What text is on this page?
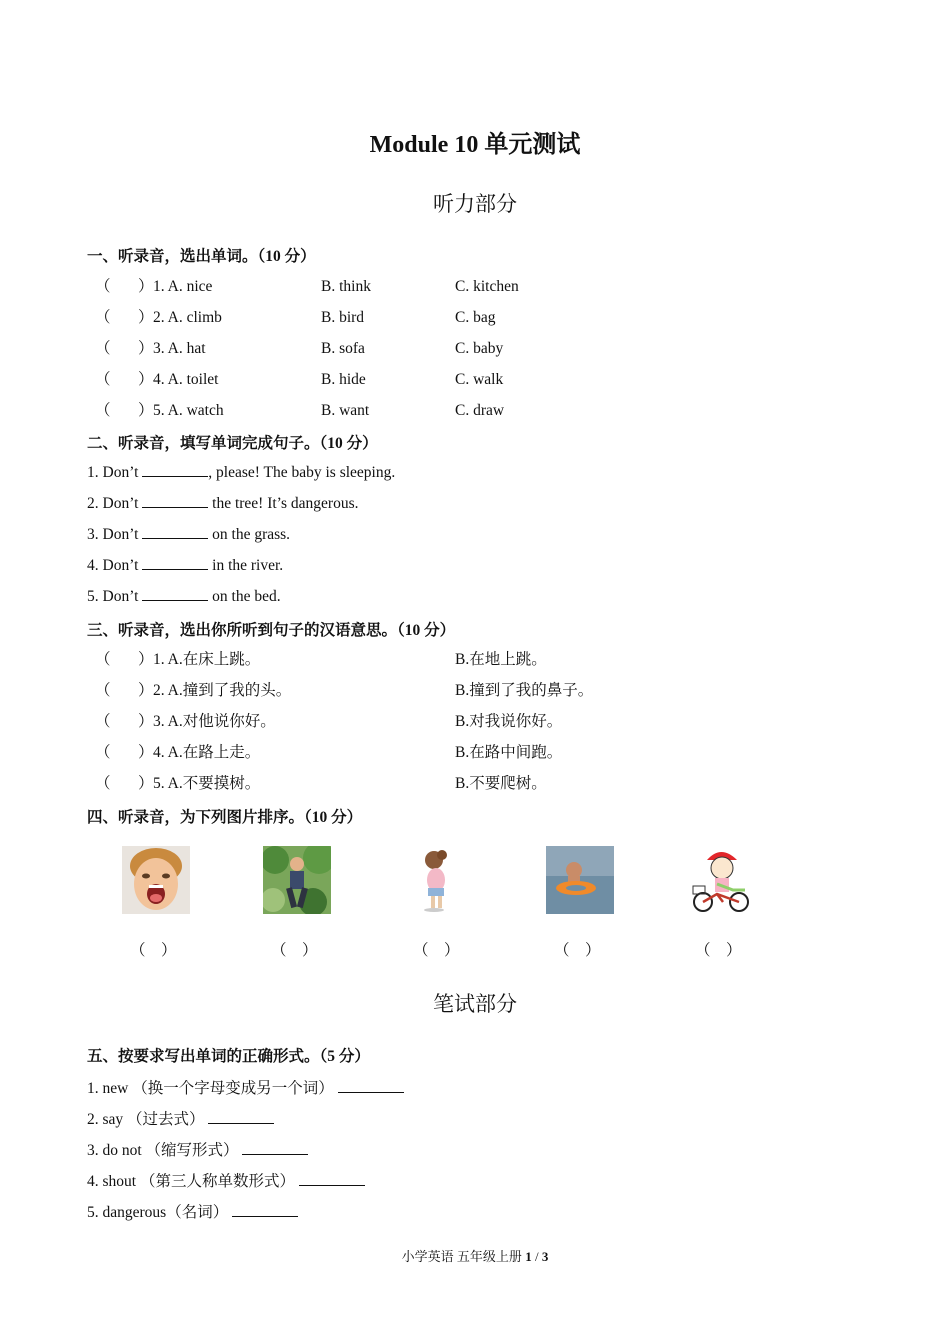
Module 10 单元测试
听力部分
一、听录音，选出单词。（10 分）
（ ） 1. A. nice	B. think	C. kitchen
（ ） 2. A. climb	B. bird	C. bag
（ ） 3. A. hat	B. sofa	C. baby
（ ） 4. A. toilet	B. hide	C. walk
（ ） 5. A. watch	B. want	C. draw
二、听录音，填写单词完成句子。（10 分）
1. Don’t	, please! The baby is sleeping.
2. Don’t	the tree! It’s dangerous.
3. Don’t	on the grass.
4. Don’t	in the river.
5. Don’t	on the bed.
三、听录音，选出你所听到句子的汉语意思。（10 分）
（ ） 1. A.在床上跳。	B.在地上跳。
（ ） 2. A.撞到了我的头。	B.撞到了我的鼻子。
（ ） 3. A.对他说你好。	B.对我说你好。
（ ） 4. A.在路上走。	B.在路中间跑。
（ ） 5. A.不要摸树。	B.不要爬树。
四、听录音，为下列图片排序。（10 分）
（ ）	（ ）	（ ）	（ ）	（ ）
笔试部分
五、按要求写出单词的正确形式。（5 分）
1. new （换一个字母变成另一个词）
2. say （过去式）
3. do not （缩写形式）
4. shout （第三人称单数形式）
5. dangerous（名词）
小学英语 五年级上册 1 / 3
